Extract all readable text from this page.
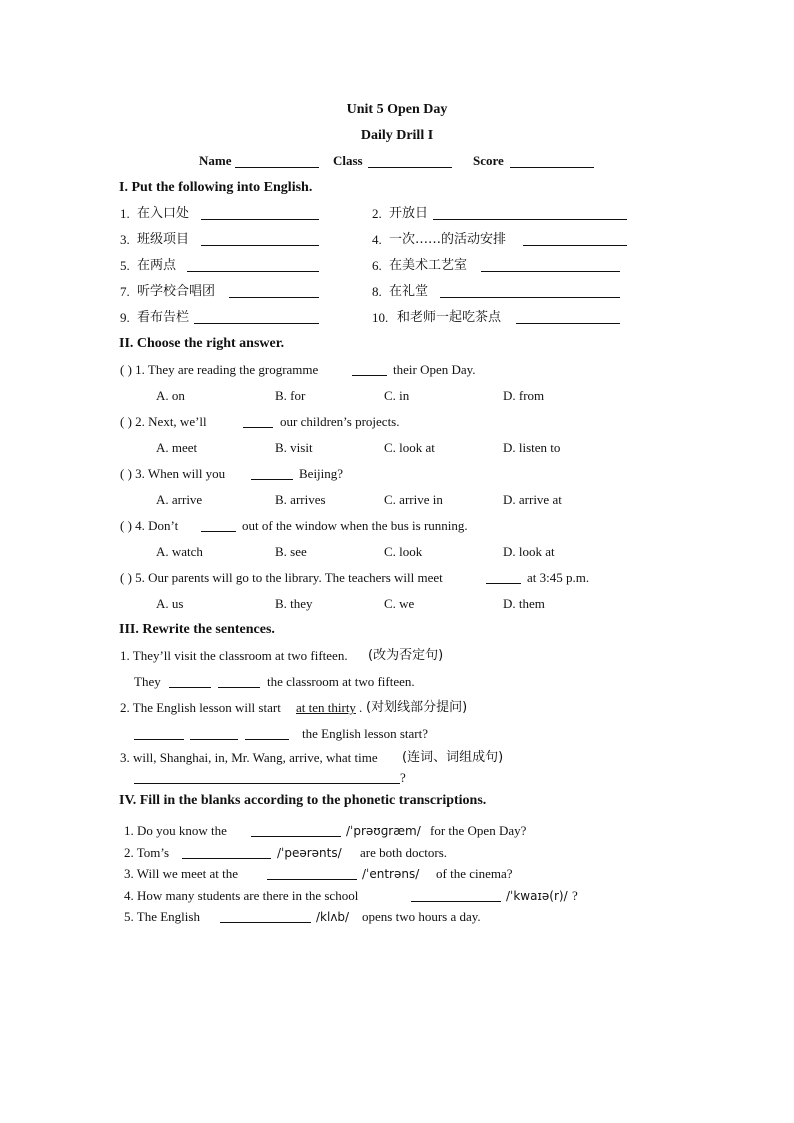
Unit 5 Open Day
Daily Drill I
Name	Class	Score
I. Put the following into English.
1. 在入口处	2. 开放日
3. 班级项目	4. 一次……的活动安排
5. 在两点	6. 在美术工艺室
7. 听学校合唱团	8. 在礼堂
9. 看布告栏	10. 和老师一起吃茶点
II. Choose the right answer.
( ) 1. They are reading the grogramme	their Open Day.
A. on	B. for	C. in	D. from
( ) 2. Next, we’ll	our children’s projects.
A. meet	B. visit	C. look at	D. listen to
( ) 3. When will you	Beijing?
A. arrive	B. arrives	C. arrive in	D. arrive at
( ) 4. Don’t	out of the window when the bus is running.
A. watch	B. see	C. look	D. look at
( ) 5. Our parents will go to the library. The teachers will meet	at 3:45 p.m.
A. us	B. they	C. we	D. them
III. Rewrite the sentences.
1. They’ll visit the classroom at two fifteen. (改为否定句)
They	the classroom at two fifteen.
2. The English lesson will start at ten thirty . (对划线部分提问)
the English lesson start?
3. will, Shanghai, in, Mr. Wang, arrive, what time (连词、词组成句)
?
IV. Fill in the blanks according to the phonetic transcriptions.
1. Do you know the	/ˈprəʊɡræm/ for the Open Day?
2. Tom’s	/ˈpeərənts/ are both doctors.
3. Will we meet at the	/ˈentrəns/ of the cinema?
4. How many students are there in the school	/ˈkwaɪə(r)/ ?
5. The English	/klʌb/ opens two hours a day.
